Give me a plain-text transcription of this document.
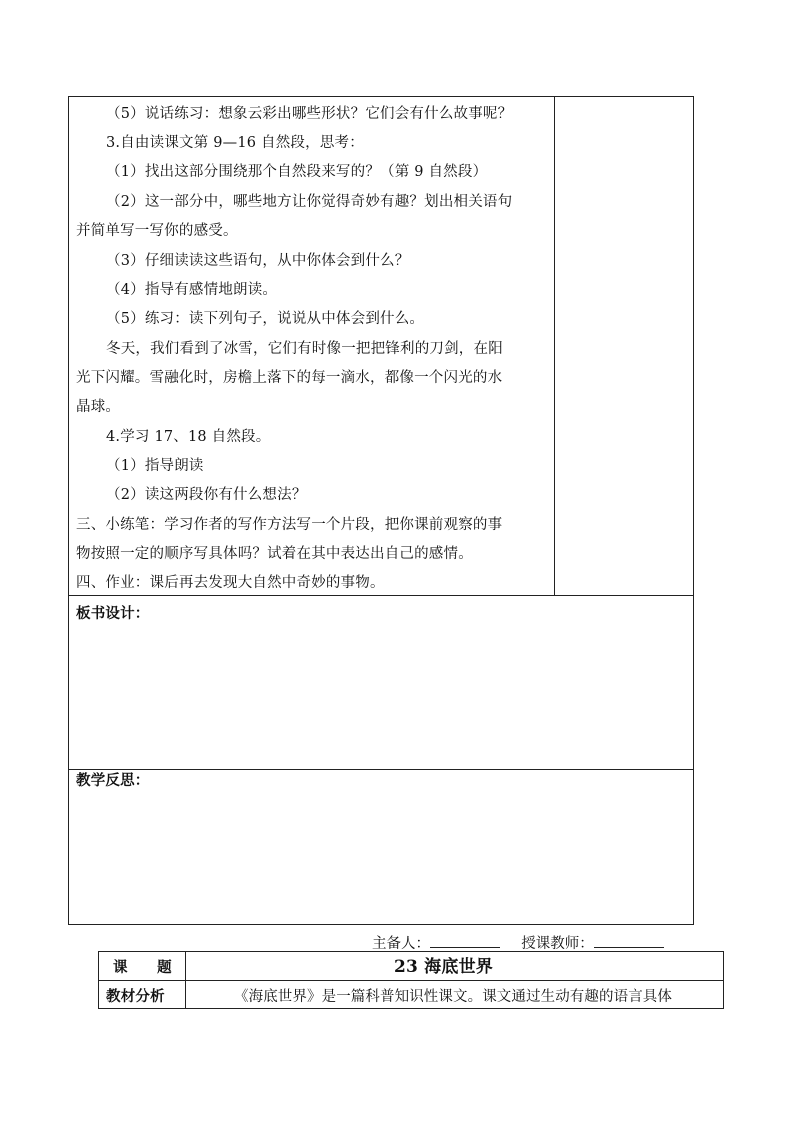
（5）说话练习：想象云彩出哪些形状？它们会有什么故事呢？
3.自由读课文第 9—16 自然段，思考：
（1）找出这部分围绕那个自然段来写的？（第 9 自然段）
（2）这一部分中，哪些地方让你觉得奇妙有趣？划出相关语句
并简单写一写你的感受。
（3）仔细读读这些语句，从中你体会到什么？
（4）指导有感情地朗读。
（5）练习：读下列句子，说说从中体会到什么。
冬天，我们看到了冰雪，它们有时像一把把锋利的刀剑，在阳
光下闪耀。雪融化时，房檐上落下的每一滴水，都像一个闪光的水
晶球。
4.学习 17、18 自然段。
（1）指导朗读
（2）读这两段你有什么想法？
三、小练笔：学习作者的写作方法写一个片段，把你课前观察的事
物按照一定的顺序写具体吗？试着在其中表达出自己的感情。
四、作业：课后再去发现大自然中奇妙的事物。
板书设计：
教学反思：
主备人：	授课教师：
课　　题	23 海底世界
教材分析	《海底世界》是一篇科普知识性课文。课文通过生动有趣的语言具体
